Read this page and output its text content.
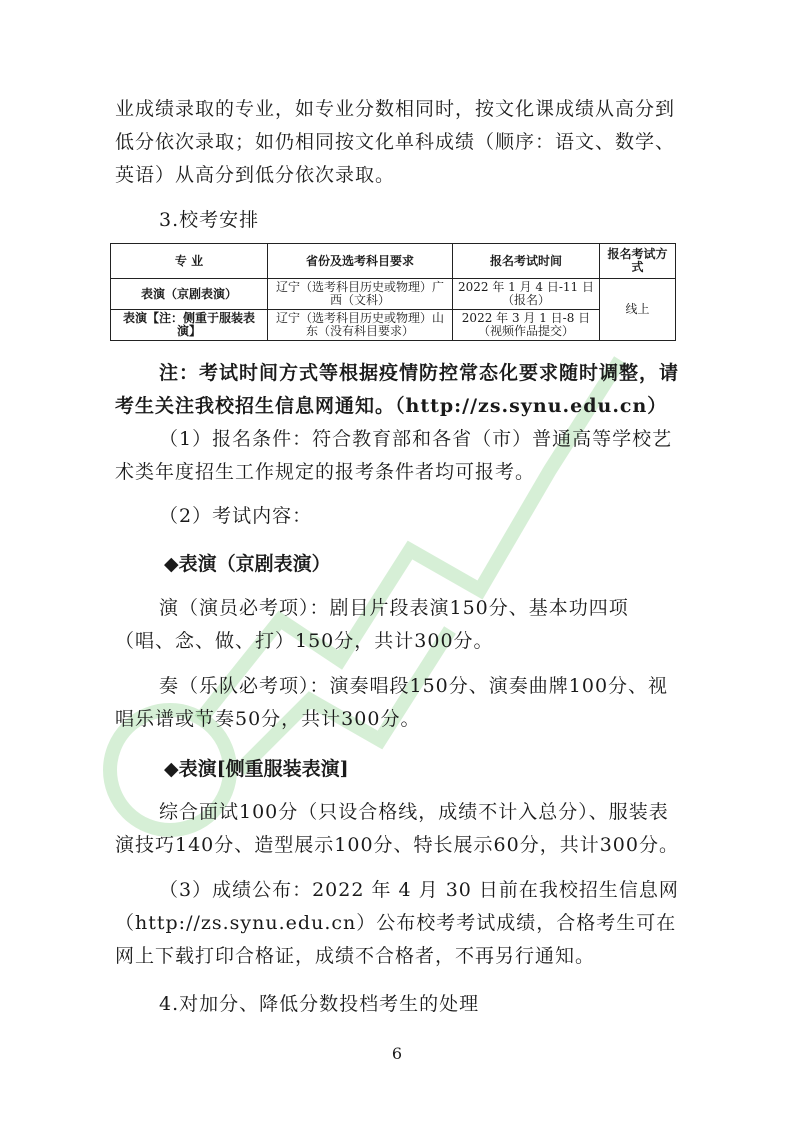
业成绩录取的专业，如专业分数相同时，按文化课成绩从高分到低分依次录取；如仍相同按文化单科成绩（顺序：语文、数学、英语）从高分到低分依次录取。

3.校考安排
专 业	省份及选考科目要求	报名考试时间	报名考试方式
表演（京剧表演）	辽宁（选考科目历史或物理）广西（文科）	2022 年 1 月 4 日-11 日（报名）	线上
表演【注：侧重于服装表演】	辽宁（选考科目历史或物理）山东（没有科目要求）	2022 年 3 月 1 日-8 日（视频作品提交）	

注：考试时间方式等根据疫情防控常态化要求随时调整，请考生关注我校招生信息网通知。（http://zs.synu.edu.cn）

（1）报名条件：符合教育部和各省（市）普通高等学校艺术类年度招生工作规定的报考条件者均可报考。

（2）考试内容：
◆表演（京剧表演）

演（演员必考项）：剧目片段表演150分、基本功四项（唱、念、做、打）150分，共计300分。

奏（乐队必考项）：演奏唱段150分、演奏曲牌100分、视唱乐谱或节奏50分，共计300分。

◆表演[侧重服装表演]

综合面试100分（只设合格线，成绩不计入总分）、服装表演技巧140分、造型展示100分、特长展示60分，共计300分。

（3）成绩公布：2022 年 4 月 30 日前在我校招生信息网（http://zs.synu.edu.cn）公布校考考试成绩，合格考生可在网上下载打印合格证，成绩不合格者，不再另行通知。

4.对加分、降低分数投档考生的处理
6
